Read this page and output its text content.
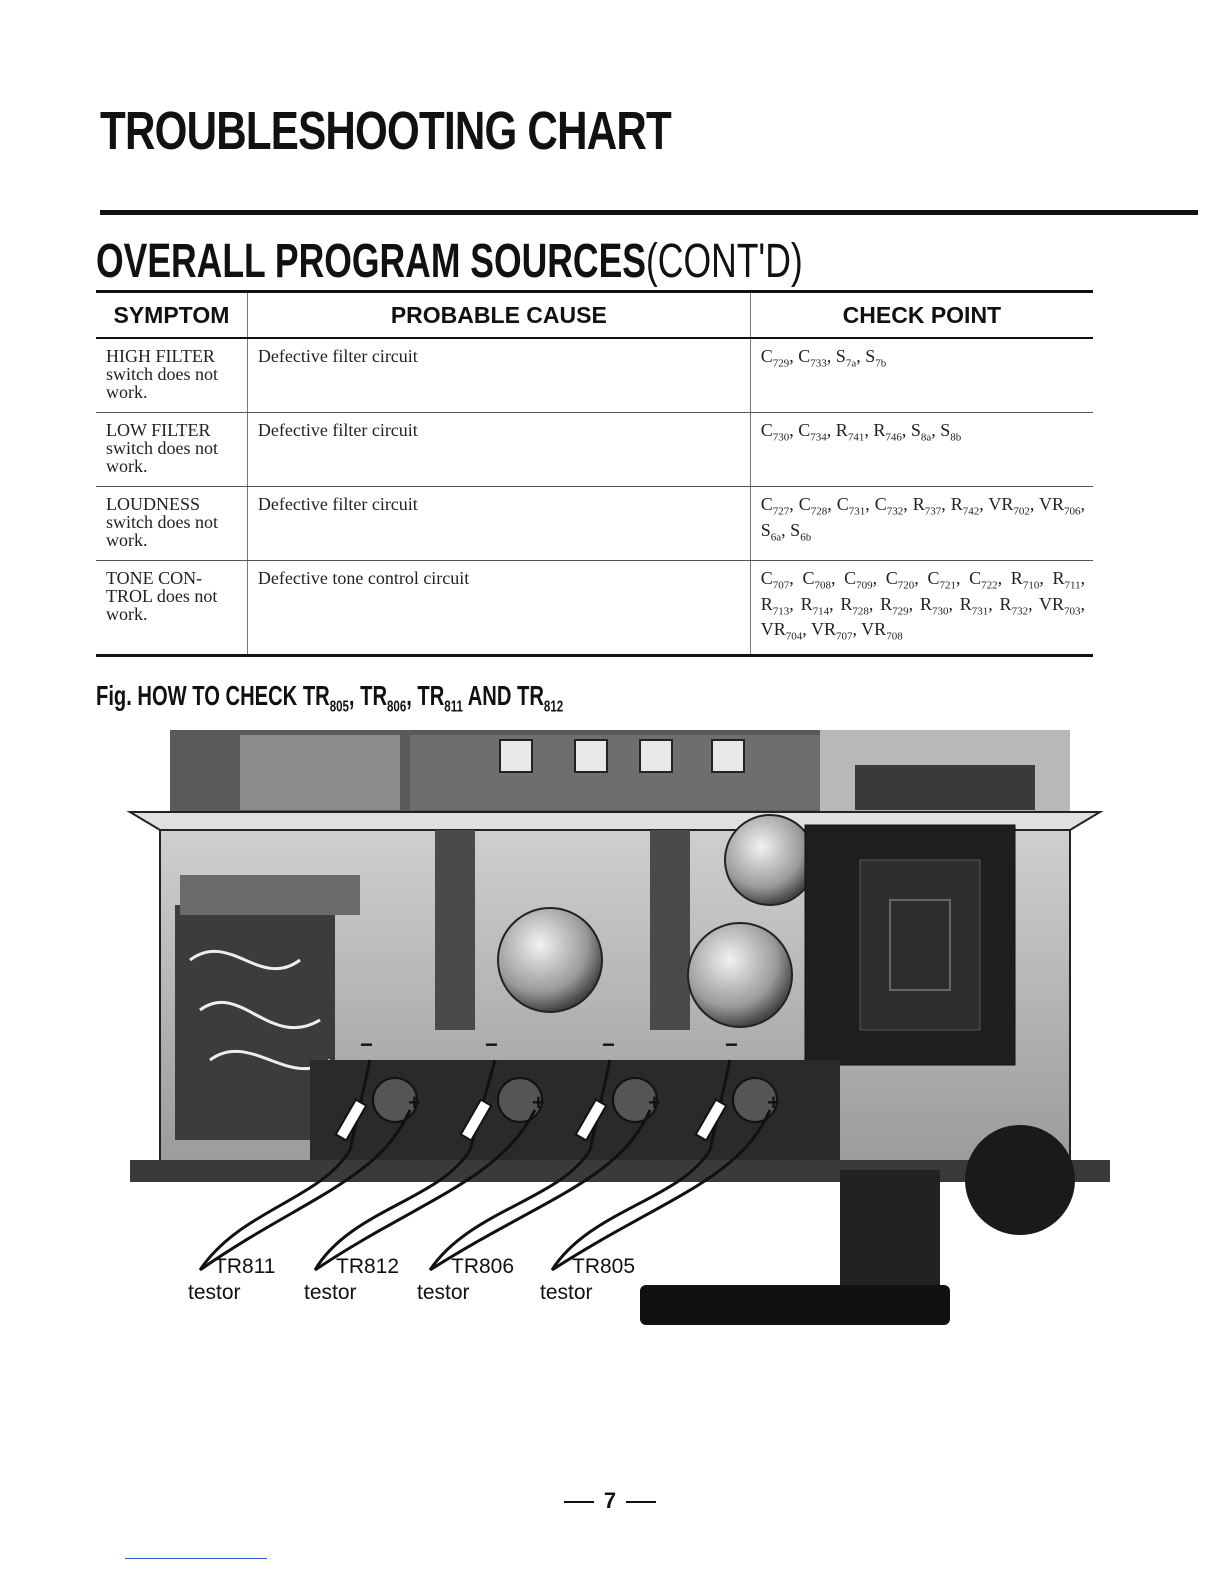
TROUBLESHOOTING CHART
OVERALL PROGRAM SOURCES(CONT'D)
SYMPTOM	PROBABLE CAUSE	CHECK POINT
HIGH FILTER switch does not work.	Defective filter circuit	$C_{729}$, $C_{733}$, $S_{7a}$, $S_{7b}$
LOW FILTER switch does not work.	Defective filter circuit	$C_{730}$, $C_{734}$, $R_{741}$, $R_{746}$, $S_{8a}$, $S_{8b}$
LOUDNESS switch does not work.	Defective filter circuit	$C_{727}$, $C_{728}$, $C_{731}$, $C_{732}$, $R_{737}$, $R_{742}$, $VR_{702}$, $VR_{706}$, $S_{6a}$, $S_{6b}$
TONE CON-TROL does not work.	Defective tone control circuit	$C_{707}$, $C_{708}$, $C_{709}$, $C_{720}$, $C_{721}$, $C_{722}$, $R_{710}$, $R_{711}$, $R_{713}$, $R_{714}$, $R_{728}$, $R_{729}$, $R_{730}$, $R_{731}$, $R_{732}$, $VR_{703}$, $VR_{704}$, $VR_{707}$, $VR_{708}$
Fig. HOW TO CHECK $TR_{805}$, $TR_{806}$, $TR_{811}$ AND $TR_{812}$
−
+
−
+
−
+
−
+
TR811
testor
TR812
testor
TR806
testor
TR805
testor
7
